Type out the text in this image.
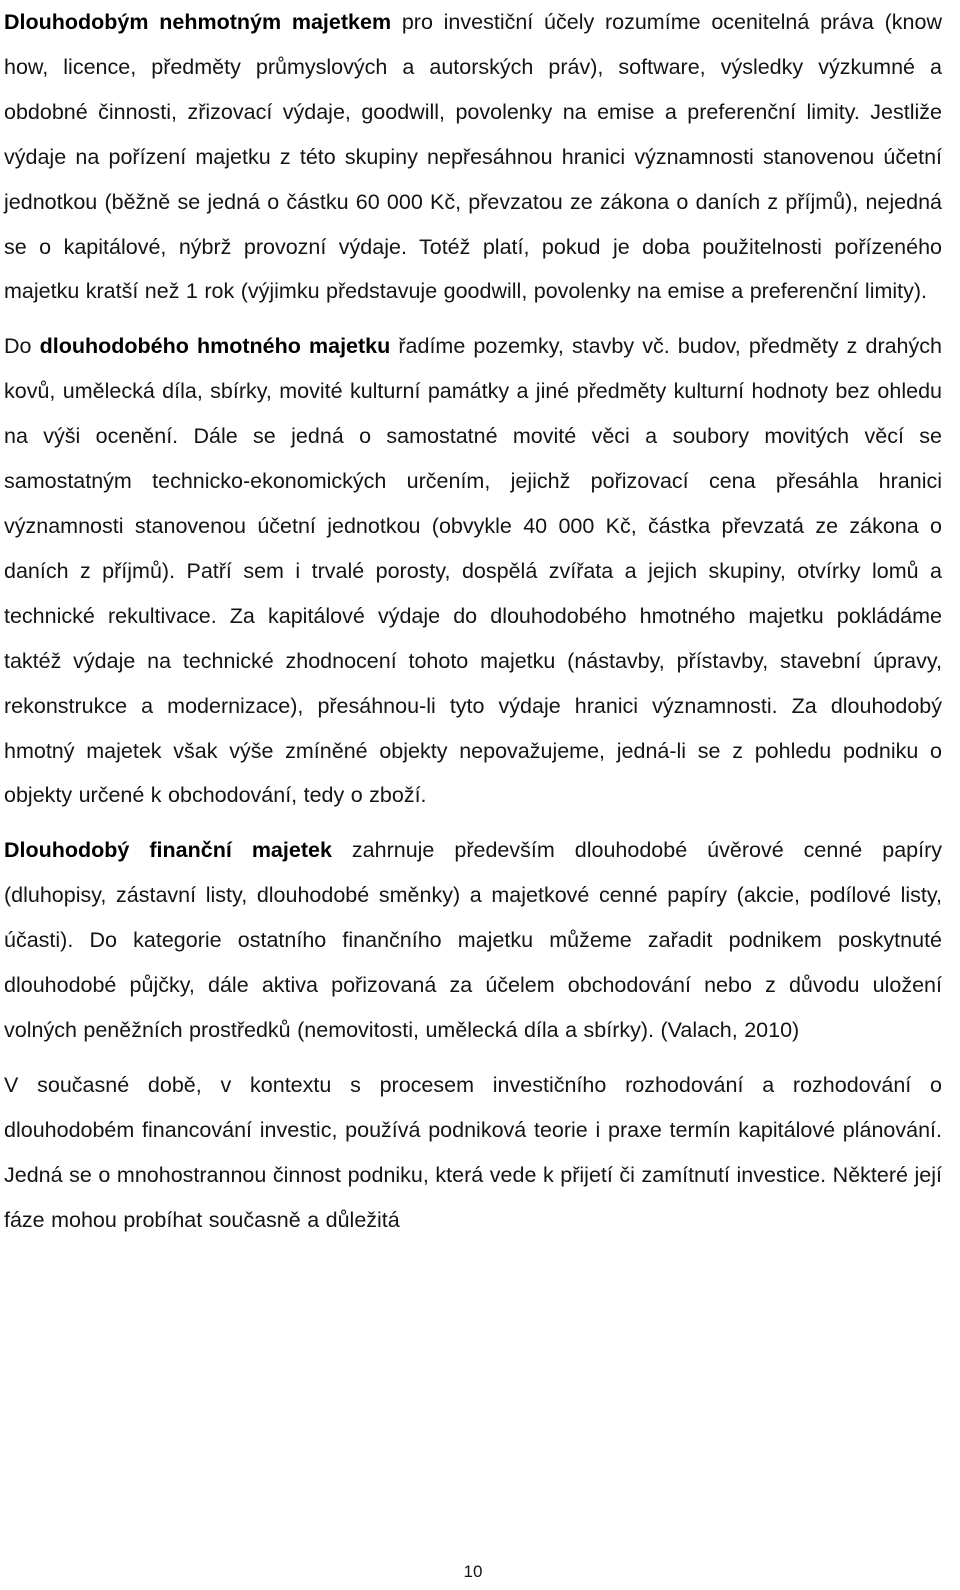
Dlouhodobým nehmotným majetkem pro investiční účely rozumíme ocenitelná práva (know how, licence, předměty průmyslových a autorských práv), software, výsledky výzkumné a obdobné činnosti, zřizovací výdaje, goodwill, povolenky na emise a preferenční limity. Jestliže výdaje na pořízení majetku z této skupiny nepřesáhnou hranici významnosti stanovenou účetní jednotkou (běžně se jedná o částku 60 000 Kč, převzatou ze zákona o daních z příjmů), nejedná se o kapitálové, nýbrž provozní výdaje. Totéž platí, pokud je doba použitelnosti pořízeného majetku kratší než 1 rok (výjimku představuje goodwill, povolenky na emise a preferenční limity).

Do dlouhodobého hmotného majetku řadíme pozemky, stavby vč. budov, předměty z drahých kovů, umělecká díla, sbírky, movité kulturní památky a jiné předměty kulturní hodnoty bez ohledu na výši ocenění. Dále se jedná o samostatné movité věci a soubory movitých věcí se samostatným technicko-ekonomických určením, jejichž pořizovací cena přesáhla hranici významnosti stanovenou účetní jednotkou (obvykle 40 000 Kč, částka převzatá ze zákona o daních z příjmů). Patří sem i trvalé porosty, dospělá zvířata a jejich skupiny, otvírky lomů a technické rekultivace. Za kapitálové výdaje do dlouhodobého hmotného majetku pokládáme taktéž výdaje na technické zhodnocení tohoto majetku (nástavby, přístavby, stavební úpravy, rekonstrukce a modernizace), přesáhnou-li tyto výdaje hranici významnosti. Za dlouhodobý hmotný majetek však výše zmíněné objekty nepovažujeme, jedná-li se z pohledu podniku o objekty určené k obchodování, tedy o zboží.

Dlouhodobý finanční majetek zahrnuje především dlouhodobé úvěrové cenné papíry (dluhopisy, zástavní listy, dlouhodobé směnky) a majetkové cenné papíry (akcie, podílové listy, účasti). Do kategorie ostatního finančního majetku můžeme zařadit podnikem poskytnuté dlouhodobé půjčky, dále aktiva pořizovaná za účelem obchodování nebo z důvodu uložení volných peněžních prostředků (nemovitosti, umělecká díla a sbírky). (Valach, 2010)

V současné době, v kontextu s procesem investičního rozhodování a rozhodování o dlouhodobém financování investic, používá podniková teorie i praxe termín kapitálové plánování. Jedná se o mnohostrannou činnost podniku, která vede k přijetí či zamítnutí investice. Některé její fáze mohou probíhat současně a důležitá

10
